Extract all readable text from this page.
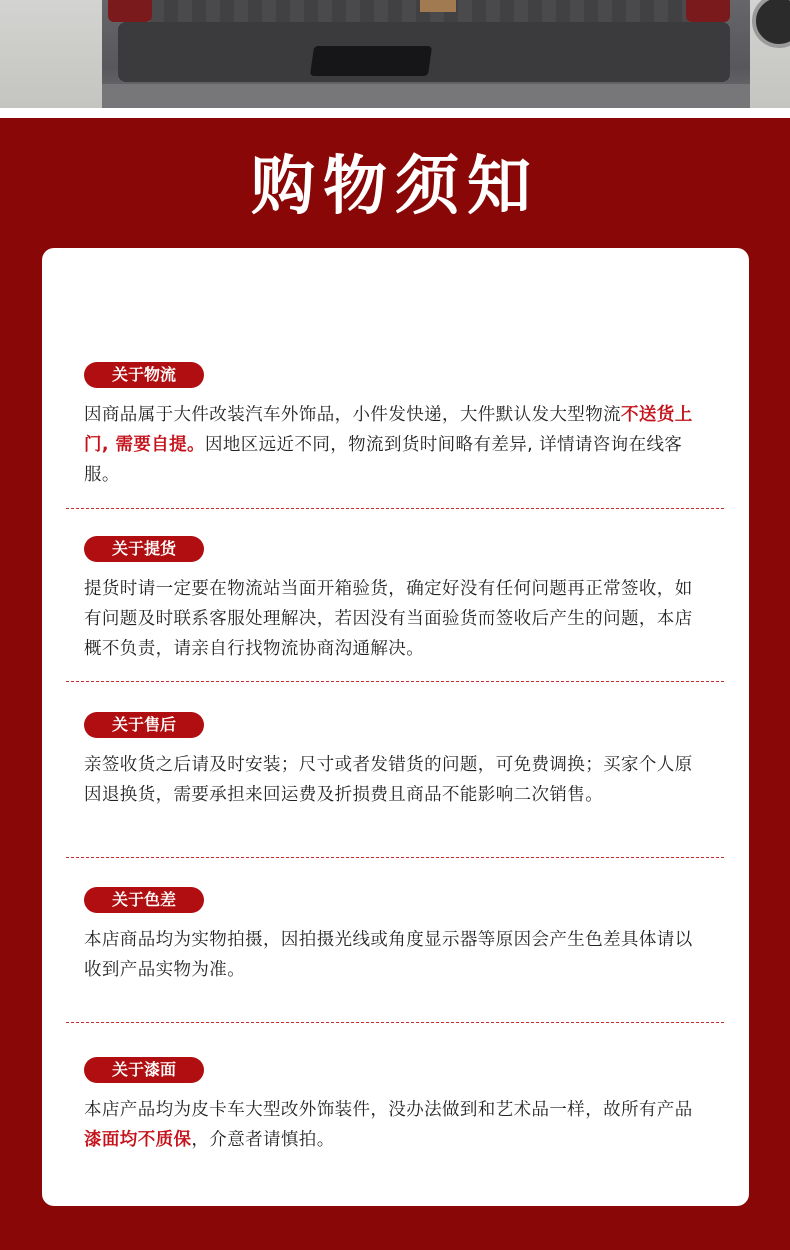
购物须知
关于物流
因商品属于大件改装汽车外饰品，小件发快递，大件默认发大型物流不送货上门, 需要自提。因地区远近不同，物流到货时间略有差异, 详情请咨询在线客服。
关于提货
提货时请一定要在物流站当面开箱验货，确定好没有任何问题再正常签收，如有问题及时联系客服处理解决，若因没有当面验货而签收后产生的问题，本店概不负责，请亲自行找物流协商沟通解决。
关于售后
亲签收货之后请及时安装；尺寸或者发错货的问题，可免费调换；买家个人原因退换货，需要承担来回运费及折损费且商品不能影响二次销售。
关于色差
本店商品均为实物拍摄，因拍摄光线或角度显示器等原因会产生色差具体请以收到产品实物为准。
关于漆面
本店产品均为皮卡车大型改外饰装件，没办法做到和艺术品一样，故所有产品漆面均不质保，介意者请慎拍。
